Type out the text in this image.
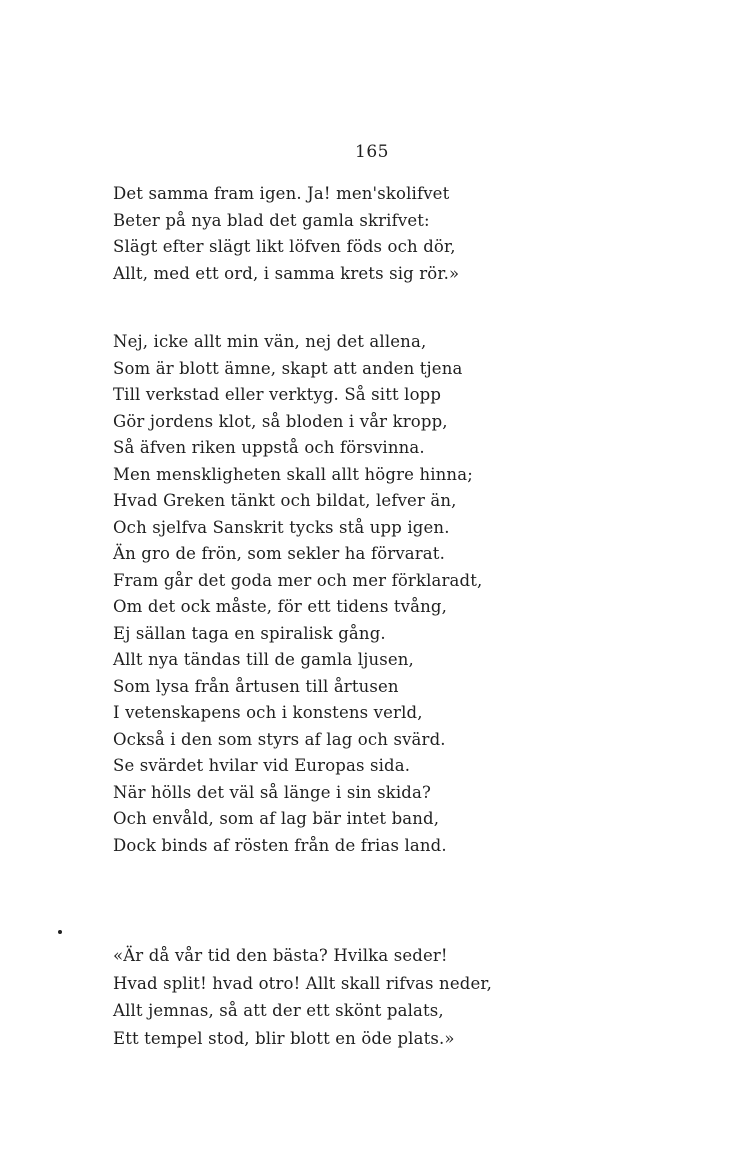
165
Det samma fram igen. Ja! men'skolifvet
Beter på nya blad det gamla skrifvet:
Slägt efter slägt likt löfven föds och dör,
Allt, med ett ord, i samma krets sig rör.»
Nej, icke allt min vän, nej det allena,
Som är blott ämne, skapt att anden tjena
Till verkstad eller verktyg. Så sitt lopp
Gör jordens klot, så bloden i vår kropp,
Så äfven riken uppstå och försvinna.
Men menskligheten skall allt högre hinna;
Hvad Greken tänkt och bildat, lefver än,
Och sjelfva Sanskrit tycks stå upp igen.
Än gro de frön, som sekler ha förvarat.
Fram går det goda mer och mer förklaradt,
Om det ock måste, för ett tidens tvång,
Ej sällan taga en spiralisk gång.
Allt nya tändas till de gamla ljusen,
Som lysa från årtusen till årtusen
I vetenskapens och i konstens verld,
Också i den som styrs af lag och svärd.
Se svärdet hvilar vid Europas sida.
När hölls det väl så länge i sin skida?
Och envåld, som af lag bär intet band,
Dock binds af rösten från de frias land.
«Är då vår tid den bästa? Hvilka seder!
Hvad split! hvad otro! Allt skall rifvas neder,
Allt jemnas, så att der ett skönt palats,
Ett tempel stod, blir blott en öde plats.»
